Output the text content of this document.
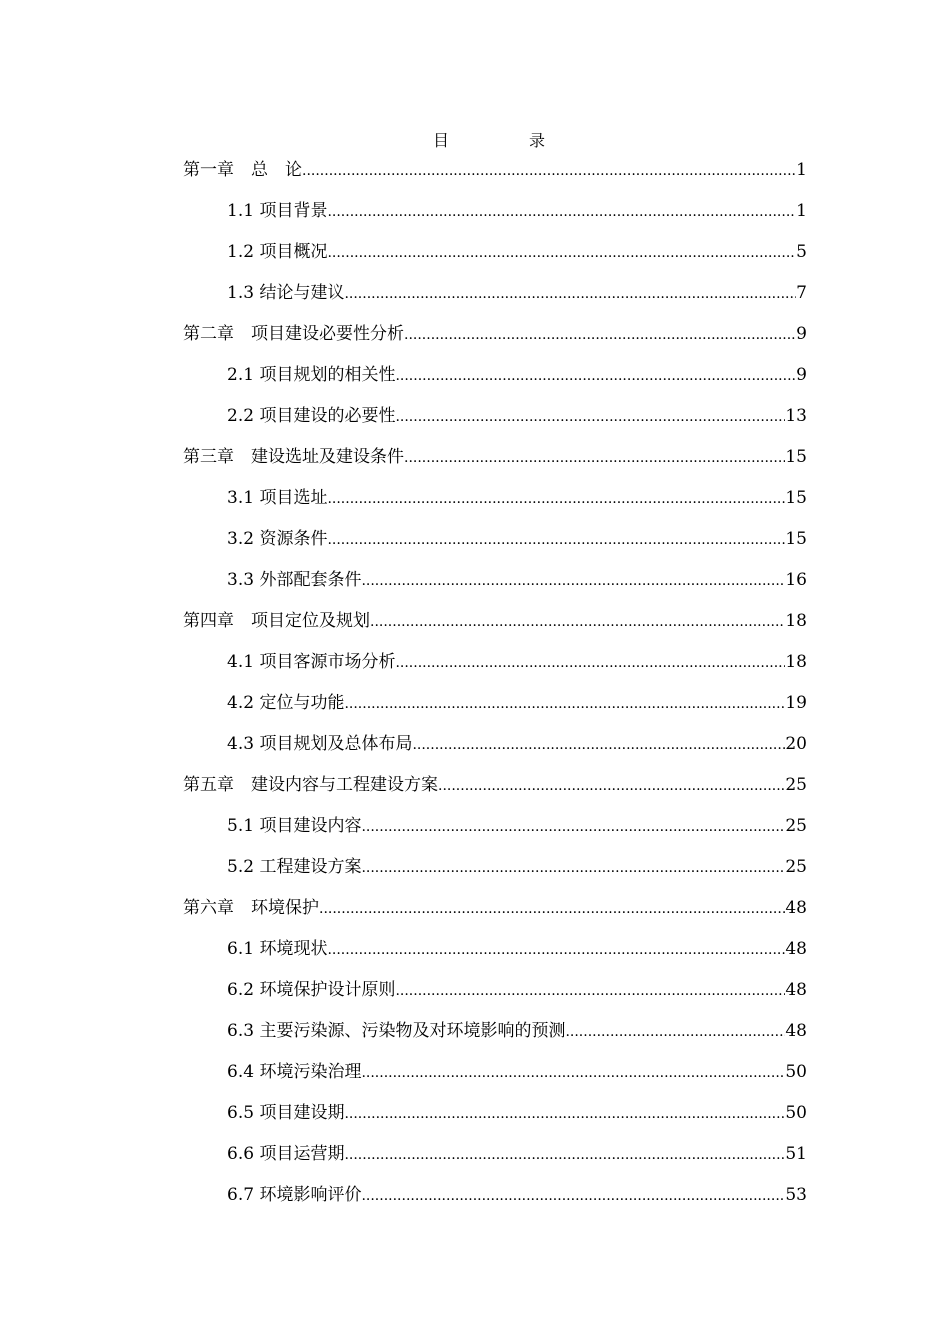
目　录
第一章　总　论 .....	1
1.1 项目背景 .....	1
1.2 项目概况 .....	5
1.3 结论与建议 .....	7
第二章　项目建设必要性分析 .....	9
2.1 项目规划的相关性 .....	9
2.2 项目建设的必要性 .....	13
第三章　建设选址及建设条件 .....	15
3.1 项目选址 .....	15
3.2 资源条件 .....	15
3.3 外部配套条件 .....	16
第四章　项目定位及规划 .....	18
4.1 项目客源市场分析 .....	18
4.2 定位与功能 .....	19
4.3 项目规划及总体布局 .....	20
第五章　建设内容与工程建设方案 .....	25
5.1 项目建设内容 .....	25
5.2 工程建设方案 .....	25
第六章　环境保护 .....	48
6.1 环境现状 .....	48
6.2 环境保护设计原则 .....	48
6.3 主要污染源、污染物及对环境影响的预测 .....	48
6.4 环境污染治理 .....	50
6.5 项目建设期 .....	50
6.6 项目运营期 .....	51
6.7 环境影响评价 .....	53
